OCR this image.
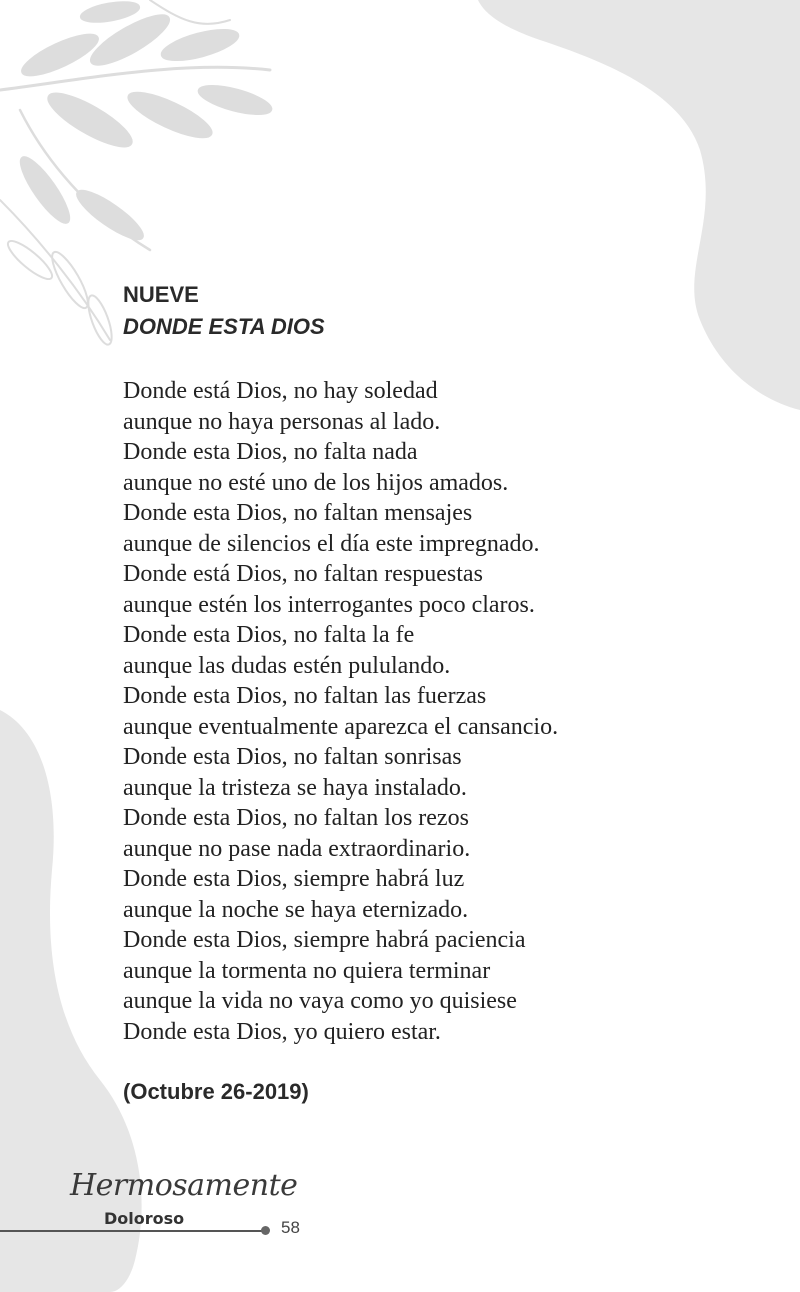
NUEVE
DONDE ESTA DIOS
Donde está Dios, no hay soledad
aunque no haya personas al lado.
Donde esta Dios, no falta nada
aunque no esté uno de los hijos amados.
Donde esta Dios, no faltan mensajes
aunque de silencios el día este impregnado.
Donde está Dios, no faltan respuestas
aunque estén los interrogantes poco claros.
Donde esta Dios, no falta la fe
aunque las dudas estén pululando.
Donde esta Dios, no faltan las fuerzas
aunque eventualmente aparezca el cansancio.
Donde esta Dios, no faltan sonrisas
aunque la tristeza se haya instalado.
Donde esta Dios, no faltan los rezos
aunque no pase nada extraordinario.
Donde esta Dios, siempre habrá luz
aunque la noche se haya eternizado.
Donde esta Dios, siempre habrá paciencia
aunque la tormenta no quiera terminar
aunque la vida no vaya como yo quisiese
Donde esta Dios, yo quiero estar.

(Octubre 26-2019)

Hermosamente
Doloroso	58
